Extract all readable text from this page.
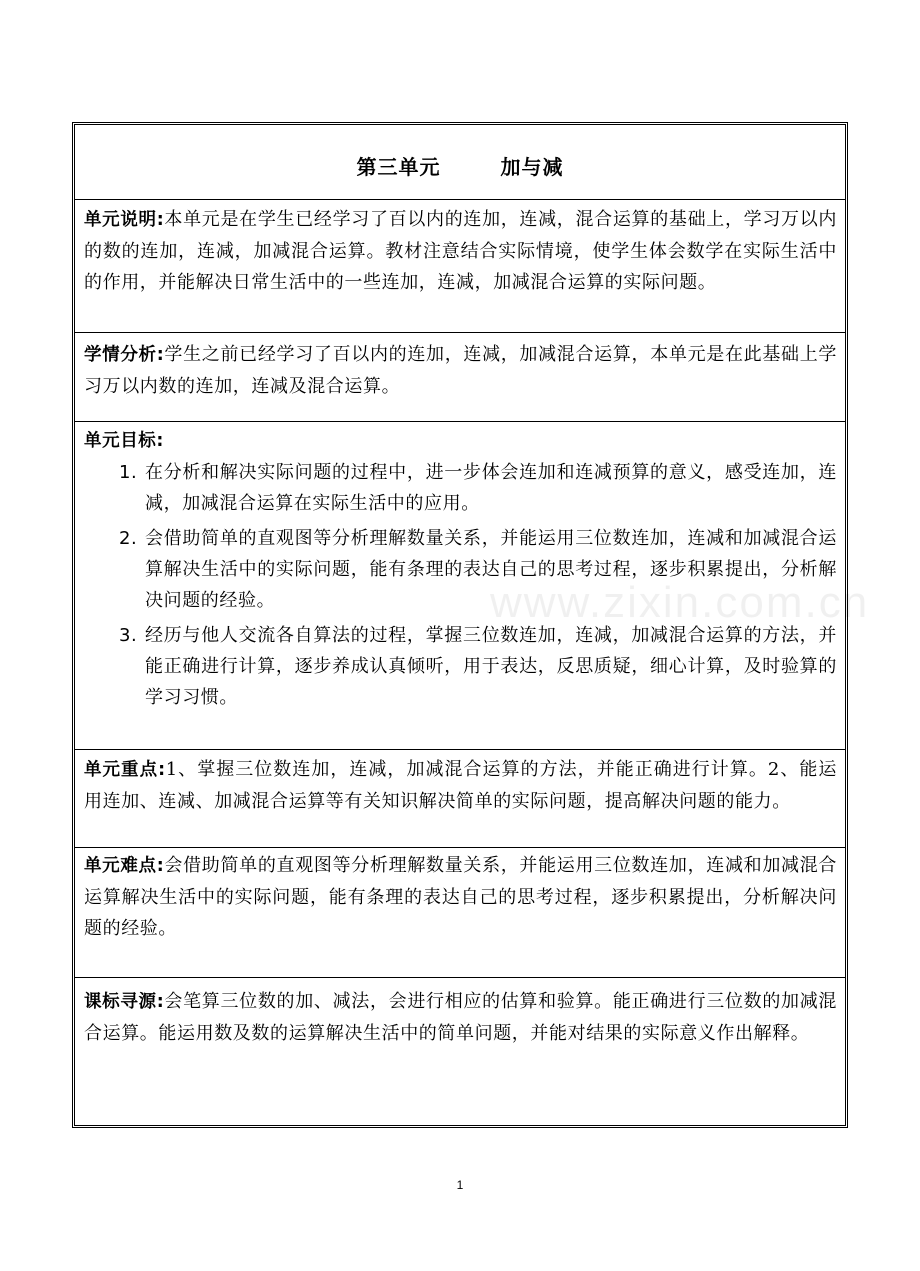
www.zixin.com.cn
第三单元	加与减
单元说明:本单元是在学生已经学习了百以内的连加，连减，混合运算的基础上，学习万以内的数的连加，连减，加减混合运算。教材注意结合实际情境，使学生体会数学在实际生活中的作用，并能解决日常生活中的一些连加，连减，加减混合运算的实际问题。
学情分析:学生之前已经学习了百以内的连加，连减，加减混合运算，本单元是在此基础上学习万以内数的连加，连减及混合运算。
单元目标:
1. 在分析和解决实际问题的过程中，进一步体会连加和连减预算的意义，感受连加，连减，加减混合运算在实际生活中的应用。
2. 会借助简单的直观图等分析理解数量关系，并能运用三位数连加，连减和加减混合运算解决生活中的实际问题，能有条理的表达自己的思考过程，逐步积累提出，分析解决问题的经验。
3. 经历与他人交流各自算法的过程，掌握三位数连加，连减，加减混合运算的方法，并能正确进行计算，逐步养成认真倾听，用于表达，反思质疑，细心计算，及时验算的学习习惯。
单元重点:1、掌握三位数连加，连减，加减混合运算的方法，并能正确进行计算。2、能运用连加、连减、加减混合运算等有关知识解决简单的实际问题，提高解决问题的能力。
单元难点:会借助简单的直观图等分析理解数量关系，并能运用三位数连加，连减和加减混合运算解决生活中的实际问题，能有条理的表达自己的思考过程，逐步积累提出，分析解决问题的经验。
课标寻源:会笔算三位数的加、减法，会进行相应的估算和验算。能正确进行三位数的加减混合运算。能运用数及数的运算解决生活中的简单问题，并能对结果的实际意义作出解释。
1
